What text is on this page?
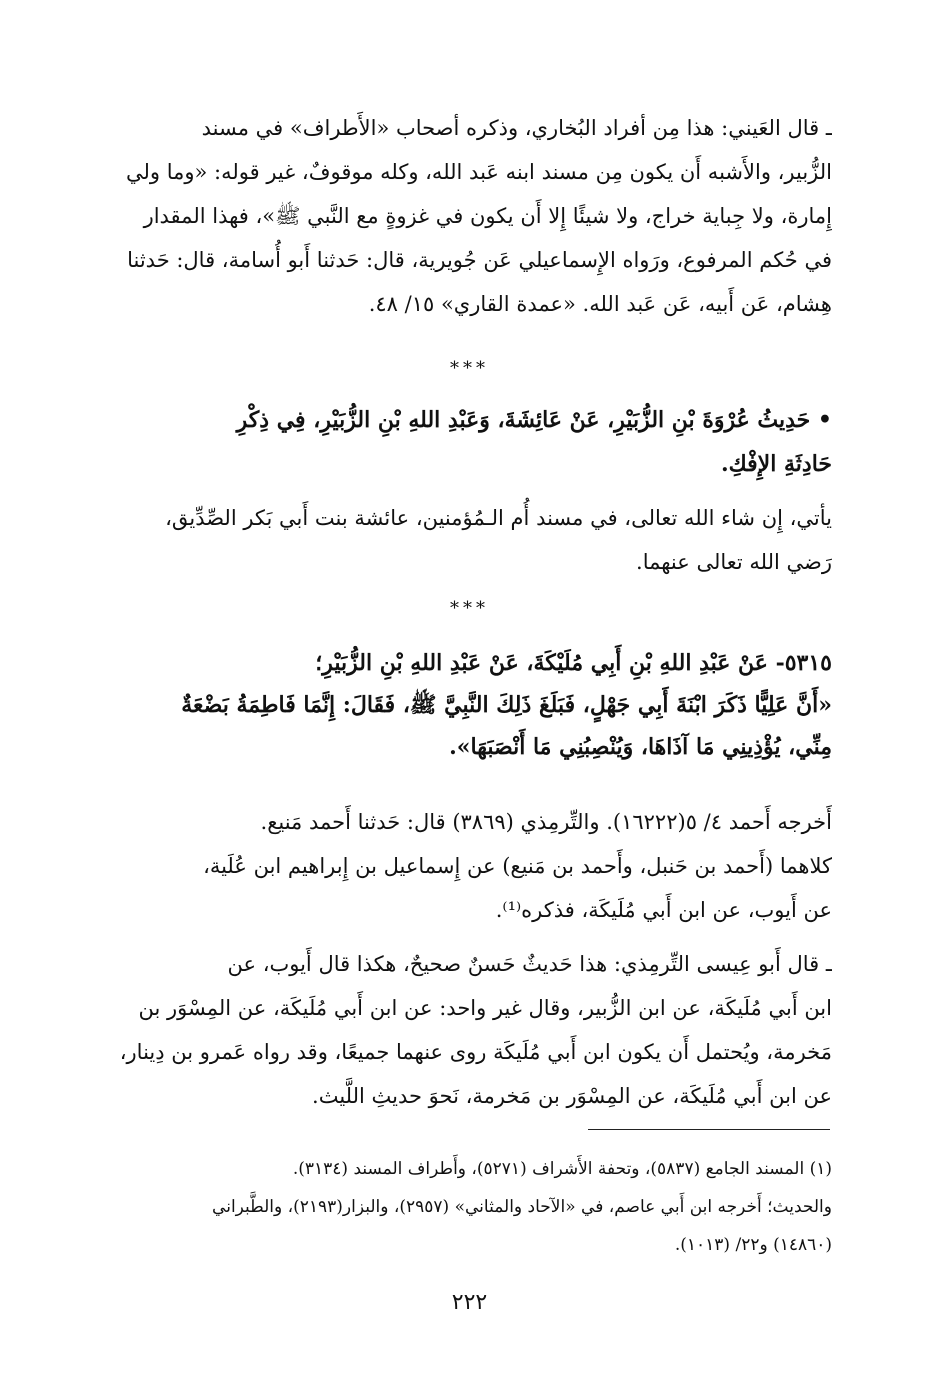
ـ قال العَيني: هذا مِن أفراد البُخاري، وذكره أصحاب «الأَطراف» في مسند
الزُّبير، والأَشبه أَن يكون مِن مسند ابنه عَبد الله، وكله موقوفٌ، غير قوله: «وما ولي
إِمارة، ولا جِباية خراج، ولا شيئًا إِلا أَن يكون في غزوةٍ مع النَّبي ﷺ»، فهذا المقدار
في حُكم المرفوع، ورَواه الإِسماعيلي عَن جُويرية، قال: حَدثنا أَبو أُسامة، قال: حَدثنا
هِشام، عَن أَبيه، عَن عَبد الله. «عمدة القاري» ١٥/ ٤٨.
***
• حَدِيثُ عُرْوَةَ بْنِ الزُّبَيْرِ، عَنْ عَائِشَةَ، وَعَبْدِ اللهِ بْنِ الزُّبَيْرِ، فِي ذِكْرِ
حَادِثَةِ الإِفْكِ.
يأتي، إِن شاء الله تعالى، في مسند أُم الـمُؤمنين، عائشة بنت أَبي بَكر الصِّدِّيق،
رَضي الله تعالى عنهما.
***
٥٣١٥- عَنْ عَبْدِ اللهِ بْنِ أَبِي مُلَيْكَةَ، عَنْ عَبْدِ اللهِ بْنِ الزُّبَيْرِ؛
«أَنَّ عَلِيًّا ذَكَرَ ابْنَةَ أَبِي جَهْلٍ، فَبَلَغَ ذَلِكَ النَّبِيَّ ﷺ، فَقَالَ: إِنَّمَا فَاطِمَةُ بَضْعَةٌ
مِنِّي، يُؤْذِينِي مَا آذَاهَا، وَيُنْصِبُنِي مَا أَنْصَبَهَا».
أَخرجه أَحمد ٤/ ٥(١٦٢٢٢). والتِّرمِذي (٣٨٦٩) قال: حَدثنا أَحمد مَنيع.
كلاهما (أَحمد بن حَنبل، وأَحمد بن مَنيع) عن إِسماعيل بن إِبراهيم ابن عُلَية،
عن أَيوب، عن ابن أَبي مُلَيكَة، فذكره⁽¹⁾.
ـ قال أَبو عِيسى التِّرمِذي: هذا حَديثٌ حَسنٌ صحيحٌ، هكذا قال أَيوب، عن
ابن أَبي مُلَيكَة، عن ابن الزُّبير، وقال غير واحد: عن ابن أَبي مُلَيكَة، عن المِسْوَر بن
مَخرمة، ويُحتمل أَن يكون ابن أَبي مُلَيكَة روى عنهما جميعًا، وقد رواه عَمرو بن دِينار،
عن ابن أَبي مُلَيكَة، عن المِسْوَر بن مَخرمة، نَحوَ حديثِ اللَّيث.
(١) المسند الجامع (٥٨٣٧)، وتحفة الأَشراف (٥٢٧١)، وأَطراف المسند (٣١٣٤).
والحديث؛ أَخرجه ابن أَبي عاصم، في «الآحاد والمثاني» (٢٩٥٧)، والبزار(٢١٩٣)، والطَّبراني
(١٤٨٦٠) و٢٢/ (١٠١٣).
٢٢٢
